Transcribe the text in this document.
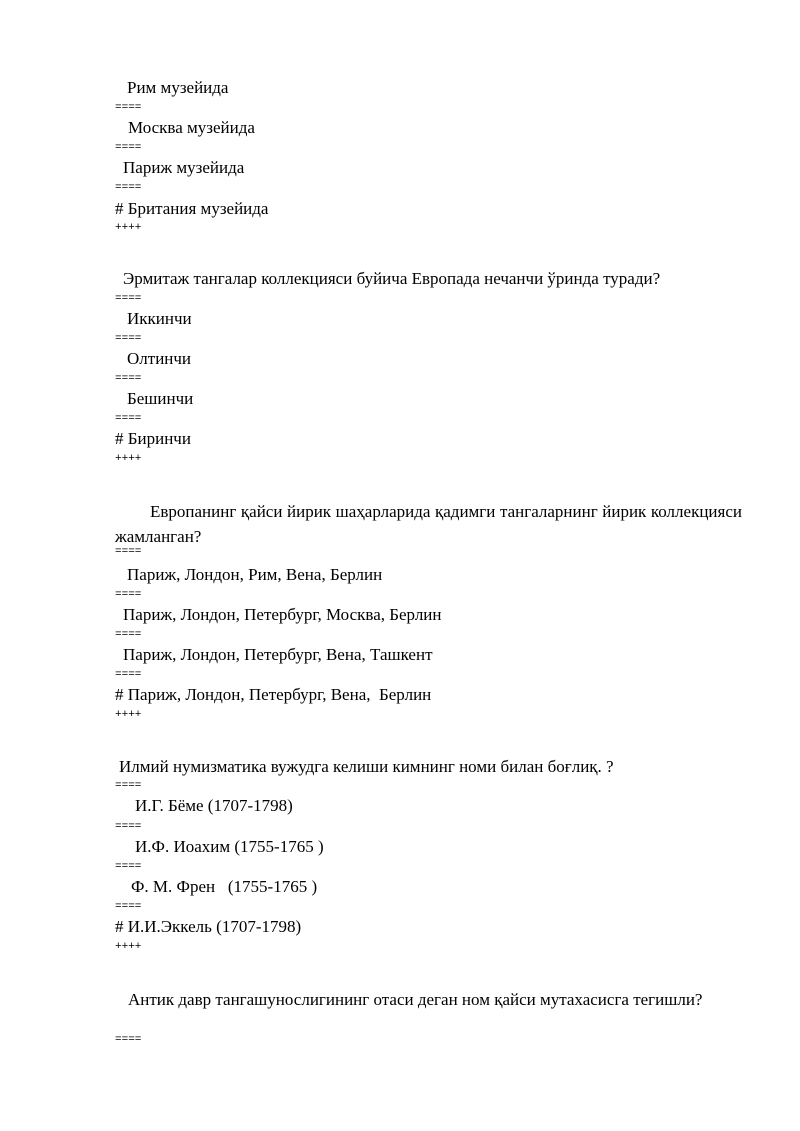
Рим музейида
====
Москва музейида
====
Париж музейида
====
# Британия музейида
++++
Эрмитаж тангалар коллекцияси буйича Европада нечанчи ўринда туради?
====
Иккинчи
====
Олтинчи
====
Бешинчи
====
# Биринчи
++++
Европанинг қайси йирик шаҳарларида қадимги тангаларнинг йирик коллекцияси жамланган?
====
Париж, Лондон, Рим, Вена, Берлин
====
Париж, Лондон, Петербург, Москва, Берлин
====
Париж, Лондон, Петербург, Вена, Ташкент
====
# Париж, Лондон, Петербург, Вена,  Берлин
++++
Илмий нумизматика вужудга келиши кимнинг номи билан боғлиқ. ?
====
И.Г. Бёме (1707-1798)
====
И.Ф. Иоахим (1755-1765 )
====
Ф. М. Френ   (1755-1765 )
====
# И.И.Эккель (1707-1798)
++++
Антик давр тангашунослигининг отаси деган ном қайси мутахасисга тегишли?
====
